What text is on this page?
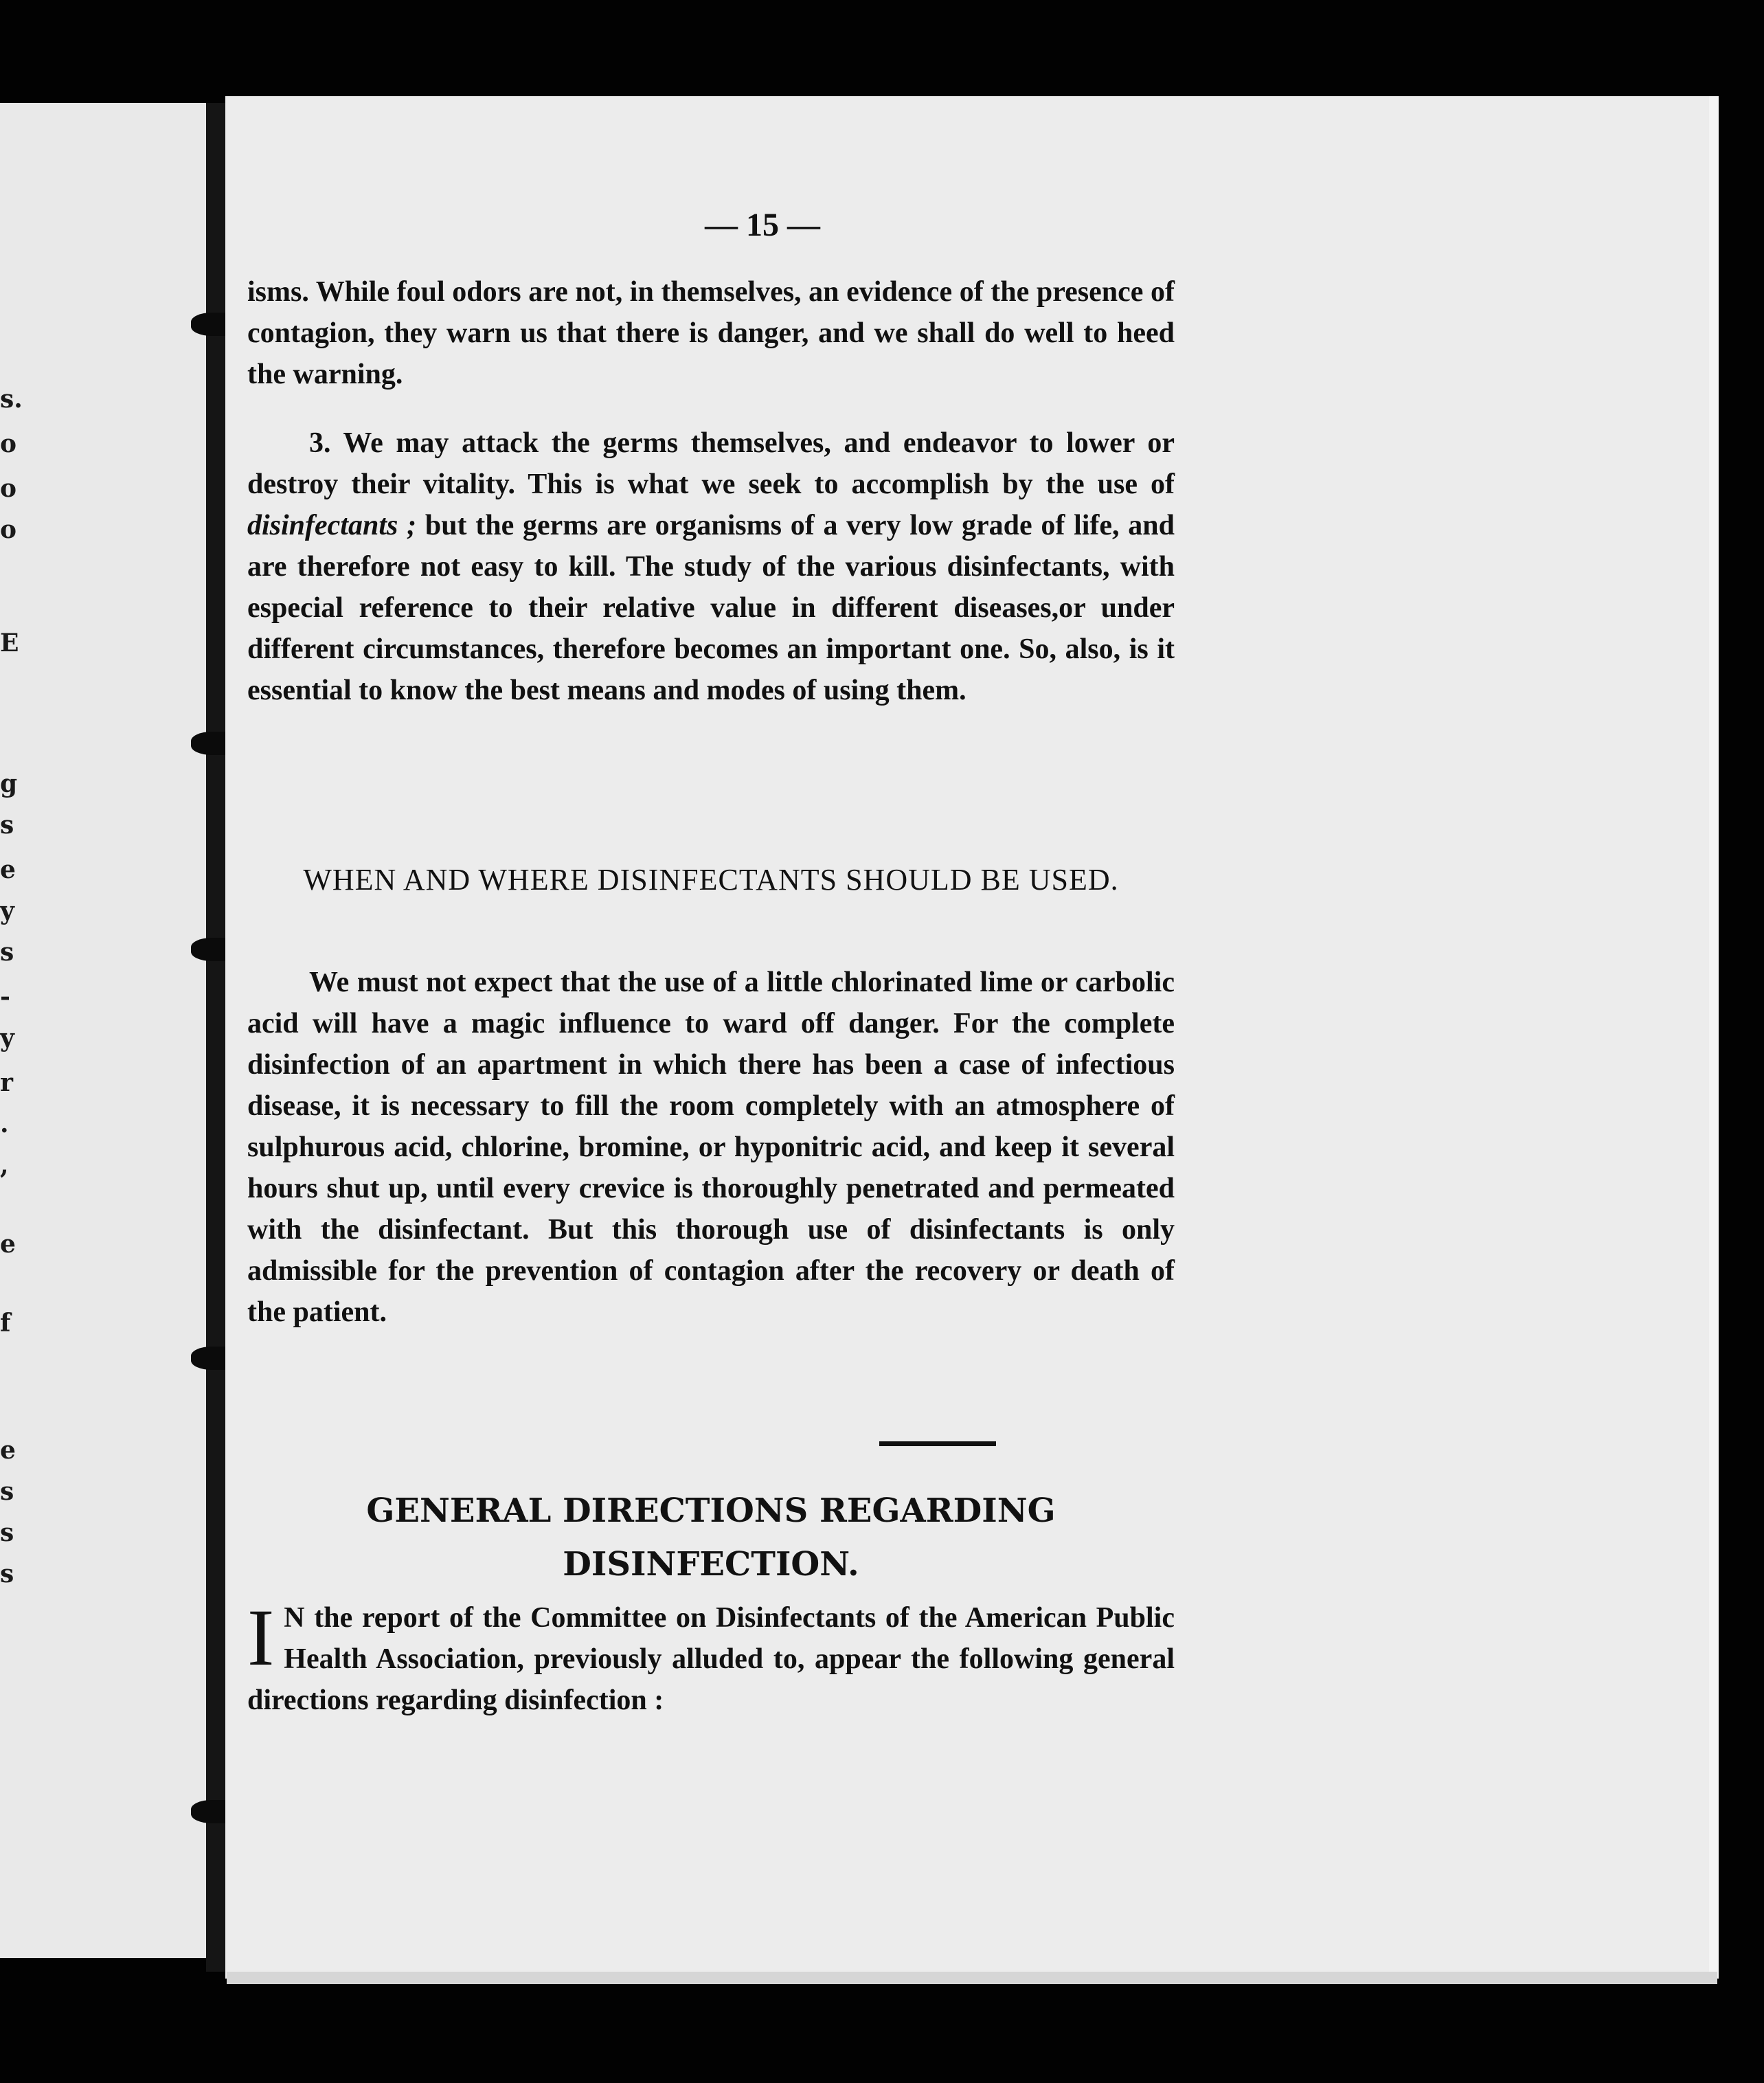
s.
o
o
o
E
g
s
e
y
s
-
y
r
.
,
e
f
e
s
s
s
— 15 —

isms. While foul odors are not, in themselves, an evidence of the presence of contagion, they warn us that there is danger, and we shall do well to heed the warning.

3. We may attack the germs themselves, and endeavor to lower or destroy their vitality. This is what we seek to accomplish by the use of disinfectants ; but the germs are organisms of a very low grade of life, and are therefore not easy to kill. The study of the various disinfectants, with especial reference to their relative value in different diseases,or under different circumstances, therefore becomes an important one. So, also, is it essential to know the best means and modes of using them.

WHEN AND WHERE DISINFECTANTS SHOULD BE USED.

We must not expect that the use of a little chlorinated lime or carbolic acid will have a magic influence to ward off danger. For the complete disinfection of an apartment in which there has been a case of infectious disease, it is necessary to fill the room completely with an atmosphere of sulphurous acid, chlorine, bromine, or hyponitric acid, and keep it several hours shut up, until every crevice is thoroughly penetrated and permeated with the disinfectant. But this thorough use of disinfectants is only admissible for the prevention of contagion after the recovery or death of the patient.

GENERAL DIRECTIONS REGARDING DISINFECTION.

I N the report of the Committee on Disinfectants of the American Public Health Association, previously alluded to, appear the following general directions regarding disinfection :
